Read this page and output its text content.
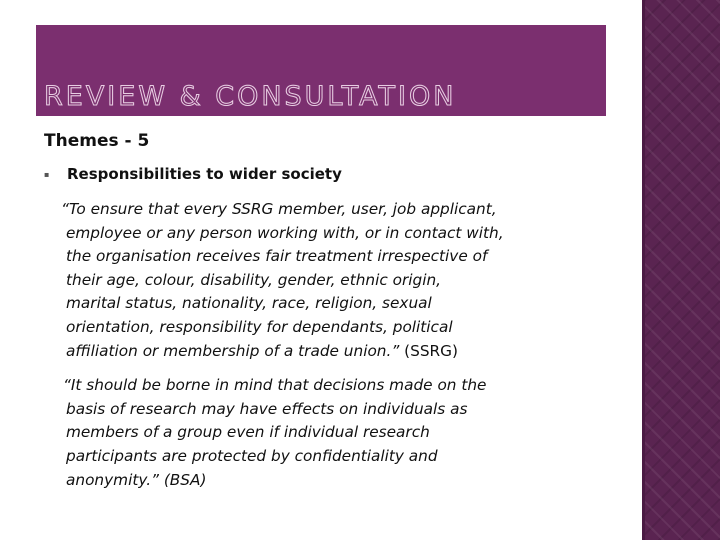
REVIEW & CONSULTATION
Themes - 5
▪	Responsibilities to wider society

“To ensure that every SSRG member, user, job applicant,
employee or any person working with, or in contact with,
the organisation receives fair treatment irrespective of
their age, colour, disability, gender, ethnic origin,
marital status, nationality, race, religion, sexual
orientation, responsibility for dependants, political
affiliation or membership of a trade union.” (SSRG)

“It should be borne in mind that decisions made on the
basis of research may have effects on individuals as
members of a group even if individual research
participants are protected by confidentiality and
anonymity.” (BSA)
